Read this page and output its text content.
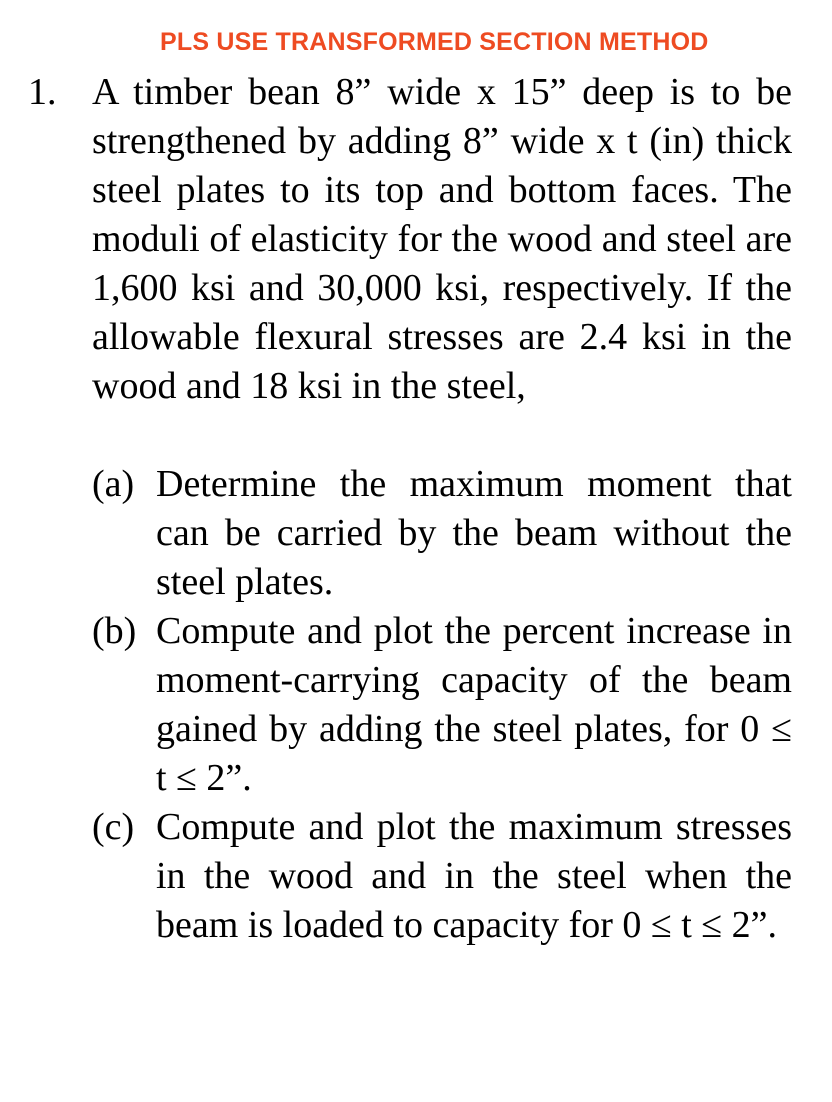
PLS USE TRANSFORMED SECTION METHOD
1. A timber bean 8” wide x 15” deep is to be strengthened by adding 8” wide x t (in) thick steel plates to its top and bottom faces. The moduli of elasticity for the wood and steel are 1,600 ksi and 30,000 ksi, respectively. If the allowable flexural stresses are 2.4 ksi in the wood and 18 ksi in the steel,
(a) Determine the maximum moment that can be carried by the beam without the steel plates.
(b) Compute and plot the percent increase in moment-carrying capacity of the beam gained by adding the steel plates, for 0 ≤ t ≤ 2”.
(c) Compute and plot the maximum stresses in the wood and in the steel when the beam is loaded to capacity for 0 ≤ t ≤ 2”.
